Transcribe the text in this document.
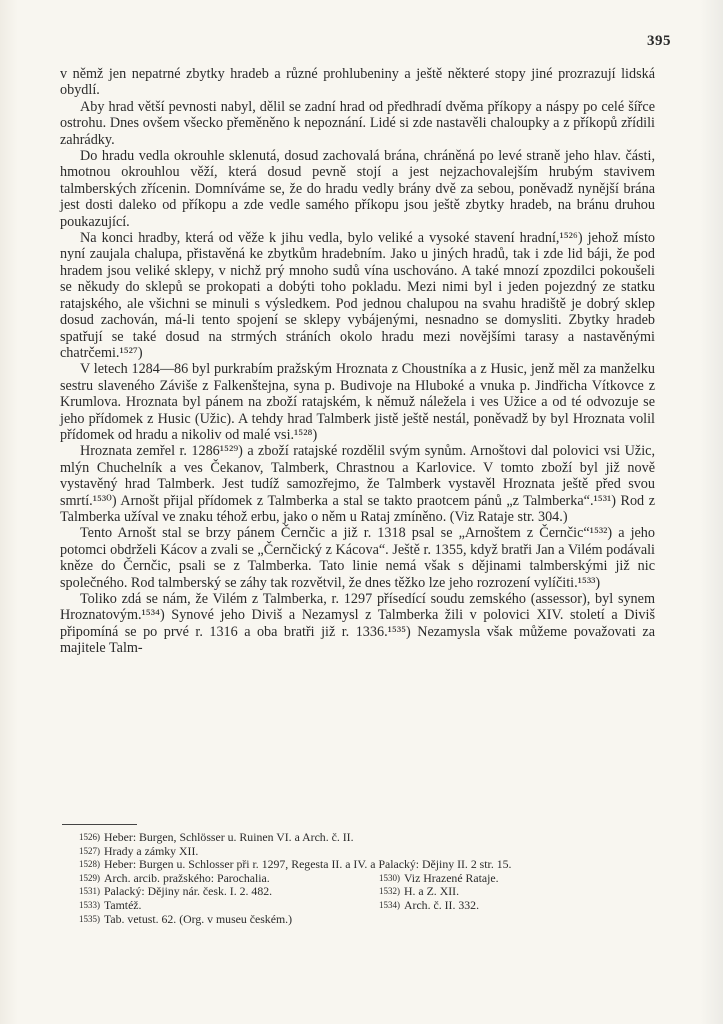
395

v němž jen nepatrné zbytky hradeb a různé prohlubeniny a ještě některé stopy jiné prozrazují lidská obydlí.

Aby hrad větší pevnosti nabyl, dělil se zadní hrad od předhradí dvěma příkopy a náspy po celé šířce ostrohu. Dnes ovšem všecko přeměněno k nepoznání. Lidé si zde nastavěli chaloupky a z příkopů zřídili zahrádky.

Do hradu vedla okrouhle sklenutá, dosud zachovalá brána, chráněná po levé straně jeho hlav. části, hmotnou okrouhlou věží, která dosud pevně stojí a jest nejzachovalejším hrubým stavivem talmberských zřícenin. Domníváme se, že do hradu vedly brány dvě za sebou, poněvadž nynější brána jest dosti daleko od příkopu a zde vedle samého příkopu jsou ještě zbytky hradeb, na bránu druhou poukazující.

Na konci hradby, která od věže k jihu vedla, bylo veliké a vysoké stavení hradní,¹⁵²⁶) jehož místo nyní zaujala chalupa, přistavěná ke zbytkům hradebním. Jako u jiných hradů, tak i zde lid báji, že pod hradem jsou veliké sklepy, v nichž prý mnoho sudů vína uschováno. A také mnozí zpozdilci pokoušeli se někudy do sklepů se prokopati a dobýti toho pokladu. Mezi nimi byl i jeden pojezdný ze statku ratajského, ale všichni se minuli s výsledkem. Pod jednou chalupou na svahu hradiště je dobrý sklep dosud zachován, má-li tento spojení se sklepy vybájenými, nesnadno se domysliti. Zbytky hradeb spatřují se také dosud na strmých stráních okolo hradu mezi novějšími tarasy a nastavěnými chatrčemi.¹⁵²⁷)

V letech 1284—86 byl purkrabím pražským Hroznata z Choustníka a z Husic, jenž měl za manželku sestru slaveného Záviše z Falkenštejna, syna p. Budivoje na Hluboké a vnuka p. Jindřicha Vítkovce z Krumlova. Hroznata byl pánem na zboží ratajském, k němuž náležela i ves Užice a od té odvozuje se jeho přídomek z Husic (Užic). A tehdy hrad Talmberk jistě ještě nestál, poněvadž by byl Hroznata volil přídomek od hradu a nikoliv od malé vsi.¹⁵²⁸)

Hroznata zemřel r. 1286¹⁵²⁹) a zboží ratajské rozdělil svým synům. Arnoštovi dal polovici vsi Užic, mlýn Chuchelník a ves Čekanov, Talmberk, Chrastnou a Karlovice. V tomto zboží byl již nově vystavěný hrad Talmberk. Jest tudíž samozřejmo, že Talmberk vystavěl Hroznata ještě před svou smrtí.¹⁵³⁰) Arnošt přijal přídomek z Talmberka a stal se takto praotcem pánů „z Talmberka“.¹⁵³¹) Rod z Talmberka užíval ve znaku téhož erbu, jako o něm u Rataj zmíněno. (Viz Rataje str. 304.)

Tento Arnošt stal se brzy pánem Černčic a již r. 1318 psal se „Arnoštem z Černčic“¹⁵³²) a jeho potomci obdrželi Kácov a zvali se „Černčický z Kácova“. Ještě r. 1355, když bratři Jan a Vilém podávali kněze do Černčic, psali se z Talmberka. Tato linie nemá však s dějinami talmberskými již nic společného. Rod talmberský se záhy tak rozvětvil, že dnes těžko lze jeho rozrození vylíčiti.¹⁵³³)

Toliko zdá se nám, že Vilém z Talmberka, r. 1297 přísedící soudu zemského (assessor), byl synem Hroznatovým.¹⁵³⁴) Synové jeho Diviš a Nezamysl z Talmberka žili v polovici XIV. století a Diviš připomíná se po prvé r. 1316 a oba bratři již r. 1336.¹⁵³⁵) Nezamysla však můžeme považovati za majitele Talm-

1526) Heber: Burgen, Schlösser u. Ruinen VI. a Arch. č. II.
1527) Hrady a zámky XII.
1528) Heber: Burgen u. Schlosser při r. 1297, Regesta II. a IV. a Palacký: Dějiny II. 2 str. 15.
1529) Arch. arcib. pražského: Parochalia.	1530) Viz Hrazené Rataje.
1531) Palacký: Dějiny nár. česk. I. 2. 482.	1532) H. a Z. XII.
1533) Tamtéž.	1534) Arch. č. II. 332.
1535) Tab. vetust. 62. (Org. v museu českém.)
